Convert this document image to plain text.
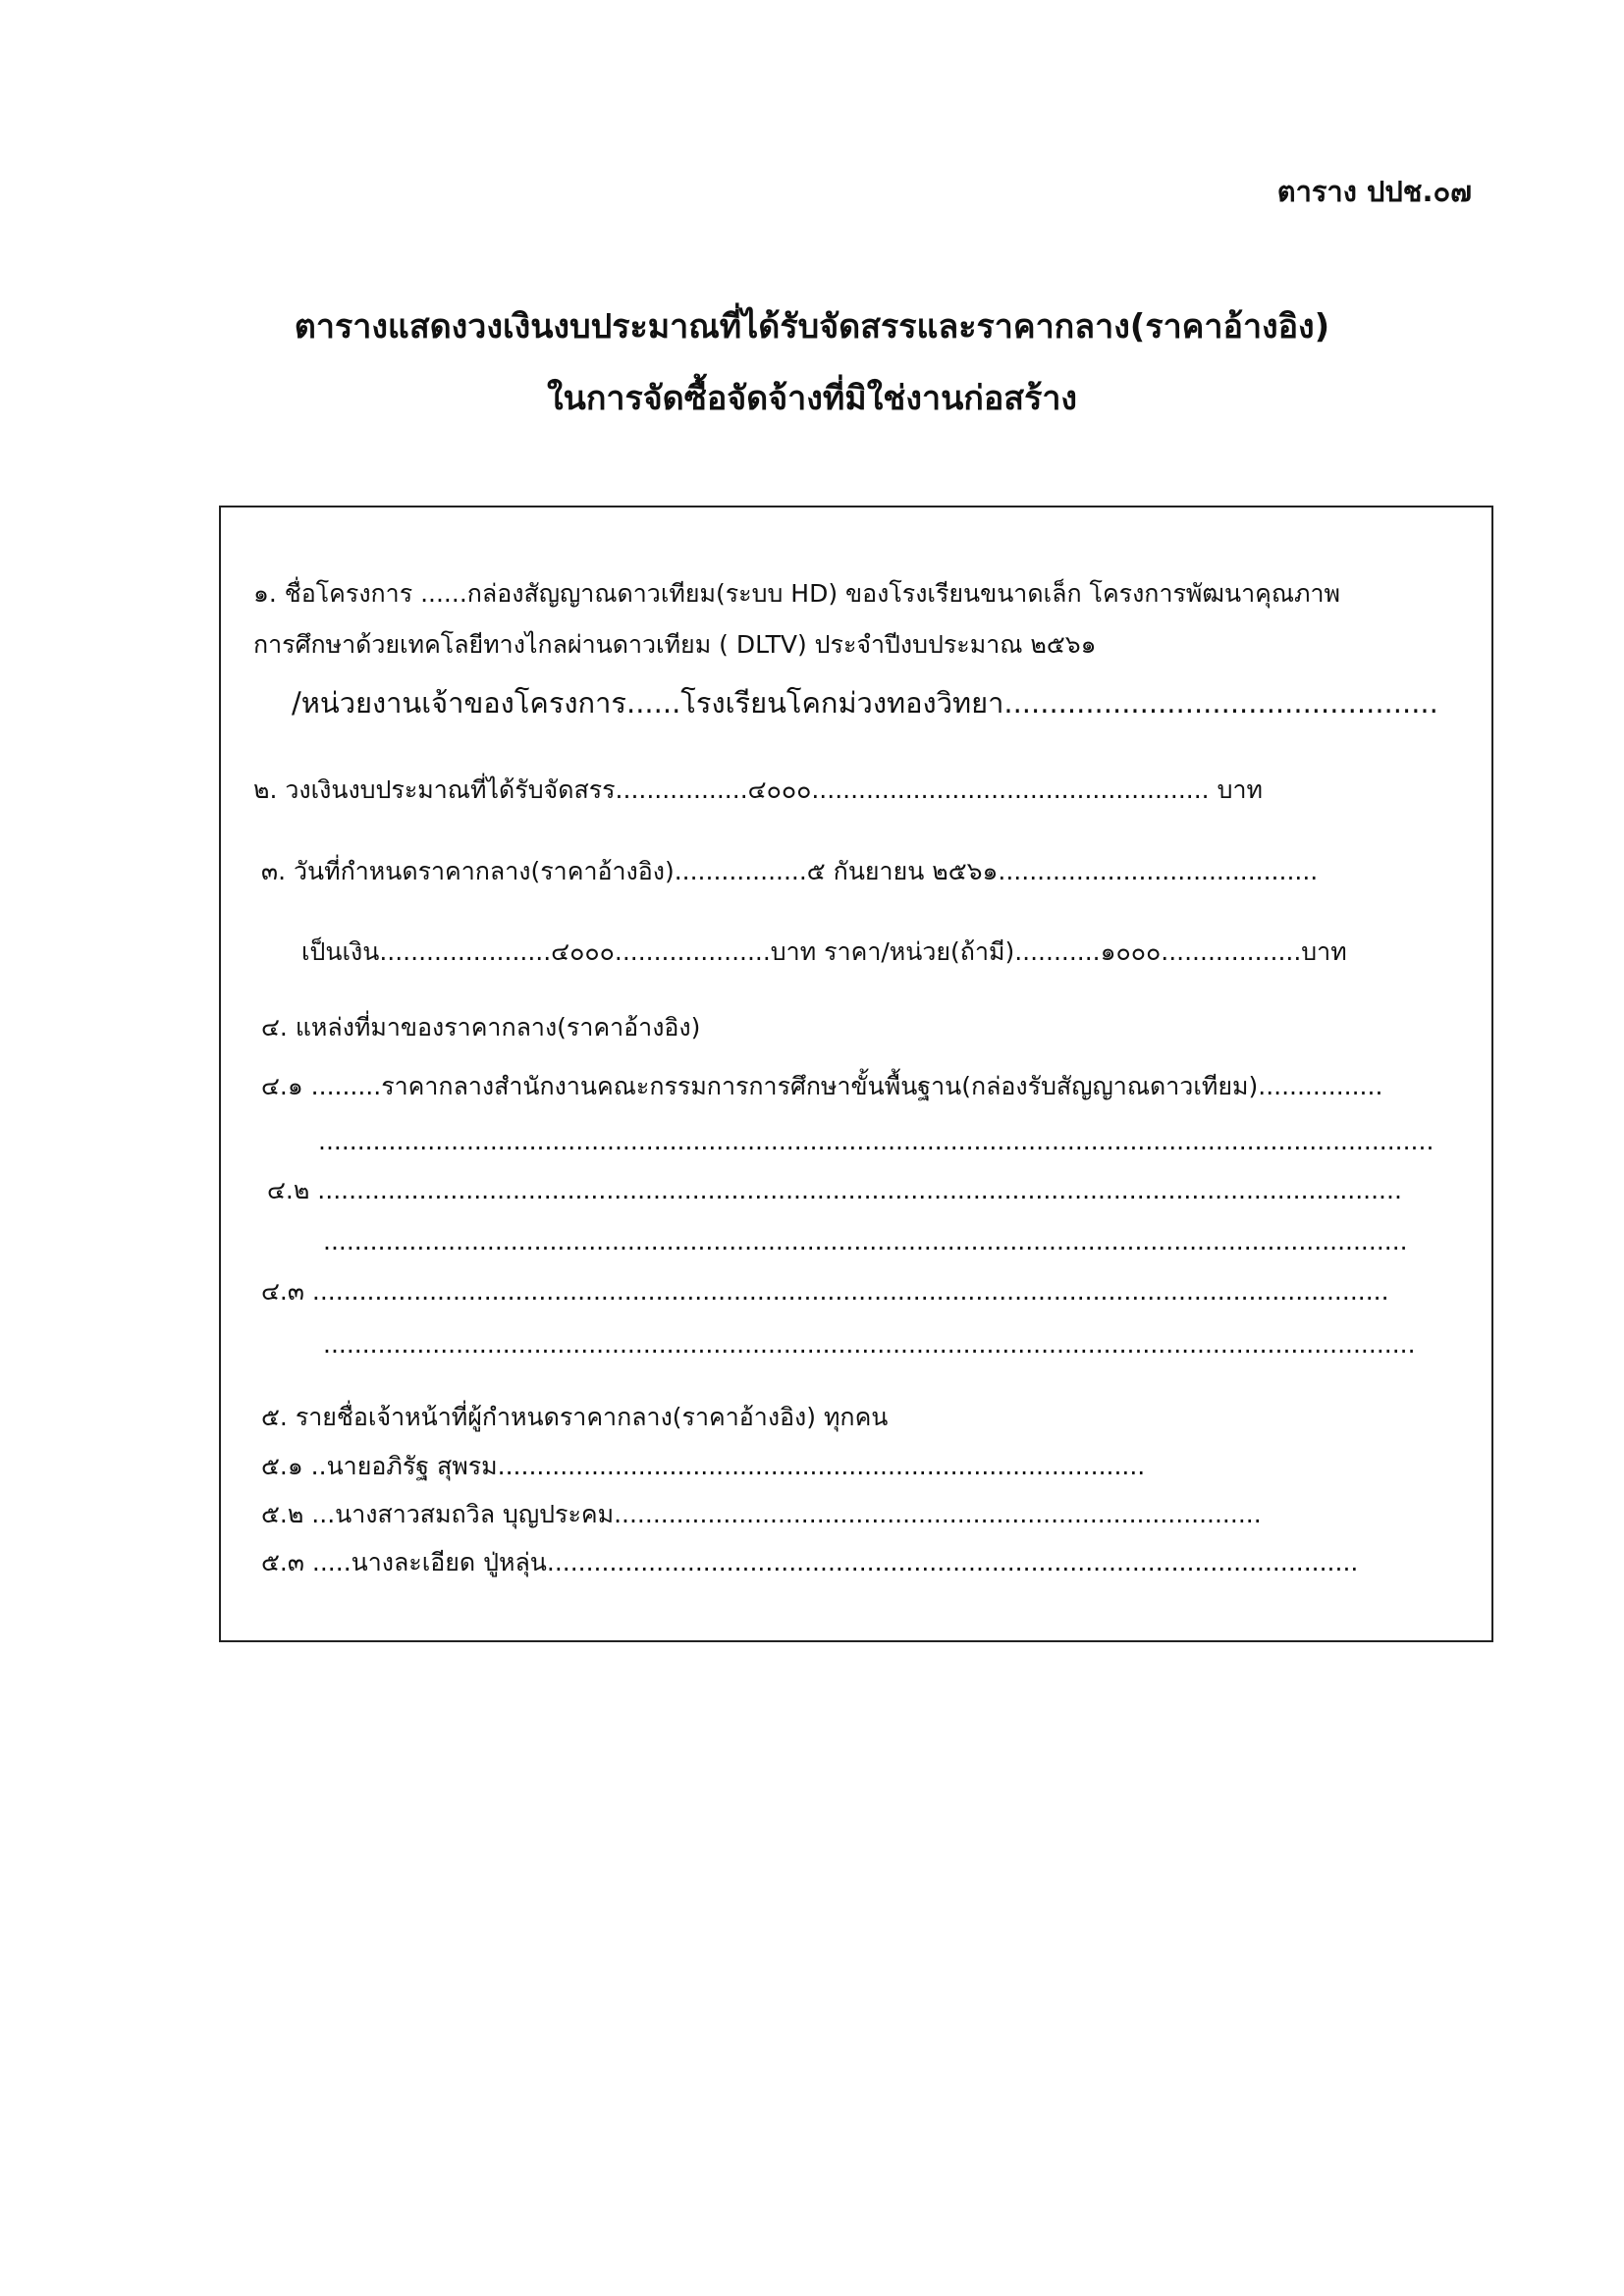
ตาราง ปปช.๐๗
ตารางแสดงวงเงินงบประมาณที่ได้รับจัดสรรและราคากลาง(ราคาอ้างอิง)
ในการจัดซื้อจัดจ้างที่มิใช่งานก่อสร้าง
๑. ชื่อโครงการ ......กล่องสัญญาณดาวเทียม(ระบบ HD) ของโรงเรียนขนาดเล็ก โครงการพัฒนาคุณภาพ
การศึกษาด้วยเทคโลยีทางไกลผ่านดาวเทียม ( DLTV) ประจำปีงบประมาณ ๒๕๖๑
/หน่วยงานเจ้าของโครงการ......โรงเรียนโคกม่วงทองวิทยา................................................
๒. วงเงินงบประมาณที่ได้รับจัดสรร.................๔๐๐๐................................................... บาท
๓. วันที่กำหนดราคากลาง(ราคาอ้างอิง).................๕ กันยายน ๒๕๖๑.........................................
เป็นเงิน......................๔๐๐๐....................บาท ราคา/หน่วย(ถ้ามี)...........๑๐๐๐..................บาท
๔. แหล่งที่มาของราคากลาง(ราคาอ้างอิง)
๔.๑ .........ราคากลางสำนักงานคณะกรรมการการศึกษาขั้นพื้นฐาน(กล่องรับสัญญาณดาวเทียม)................
...............................................................................................................................................
๔.๒ ...........................................................................................................................................
...........................................................................................................................................
๔.๓ ..........................................................................................................................................
............................................................................................................................................
๕. รายชื่อเจ้าหน้าที่ผู้กำหนดราคากลาง(ราคาอ้างอิง) ทุกคน
๕.๑ ..นายอภิรัฐ สุพรม...................................................................................
๕.๒ ...นางสาวสมถวิล บุญประคม...................................................................................
๕.๓ .....นางละเอียด ปู่หลุ่น........................................................................................................
